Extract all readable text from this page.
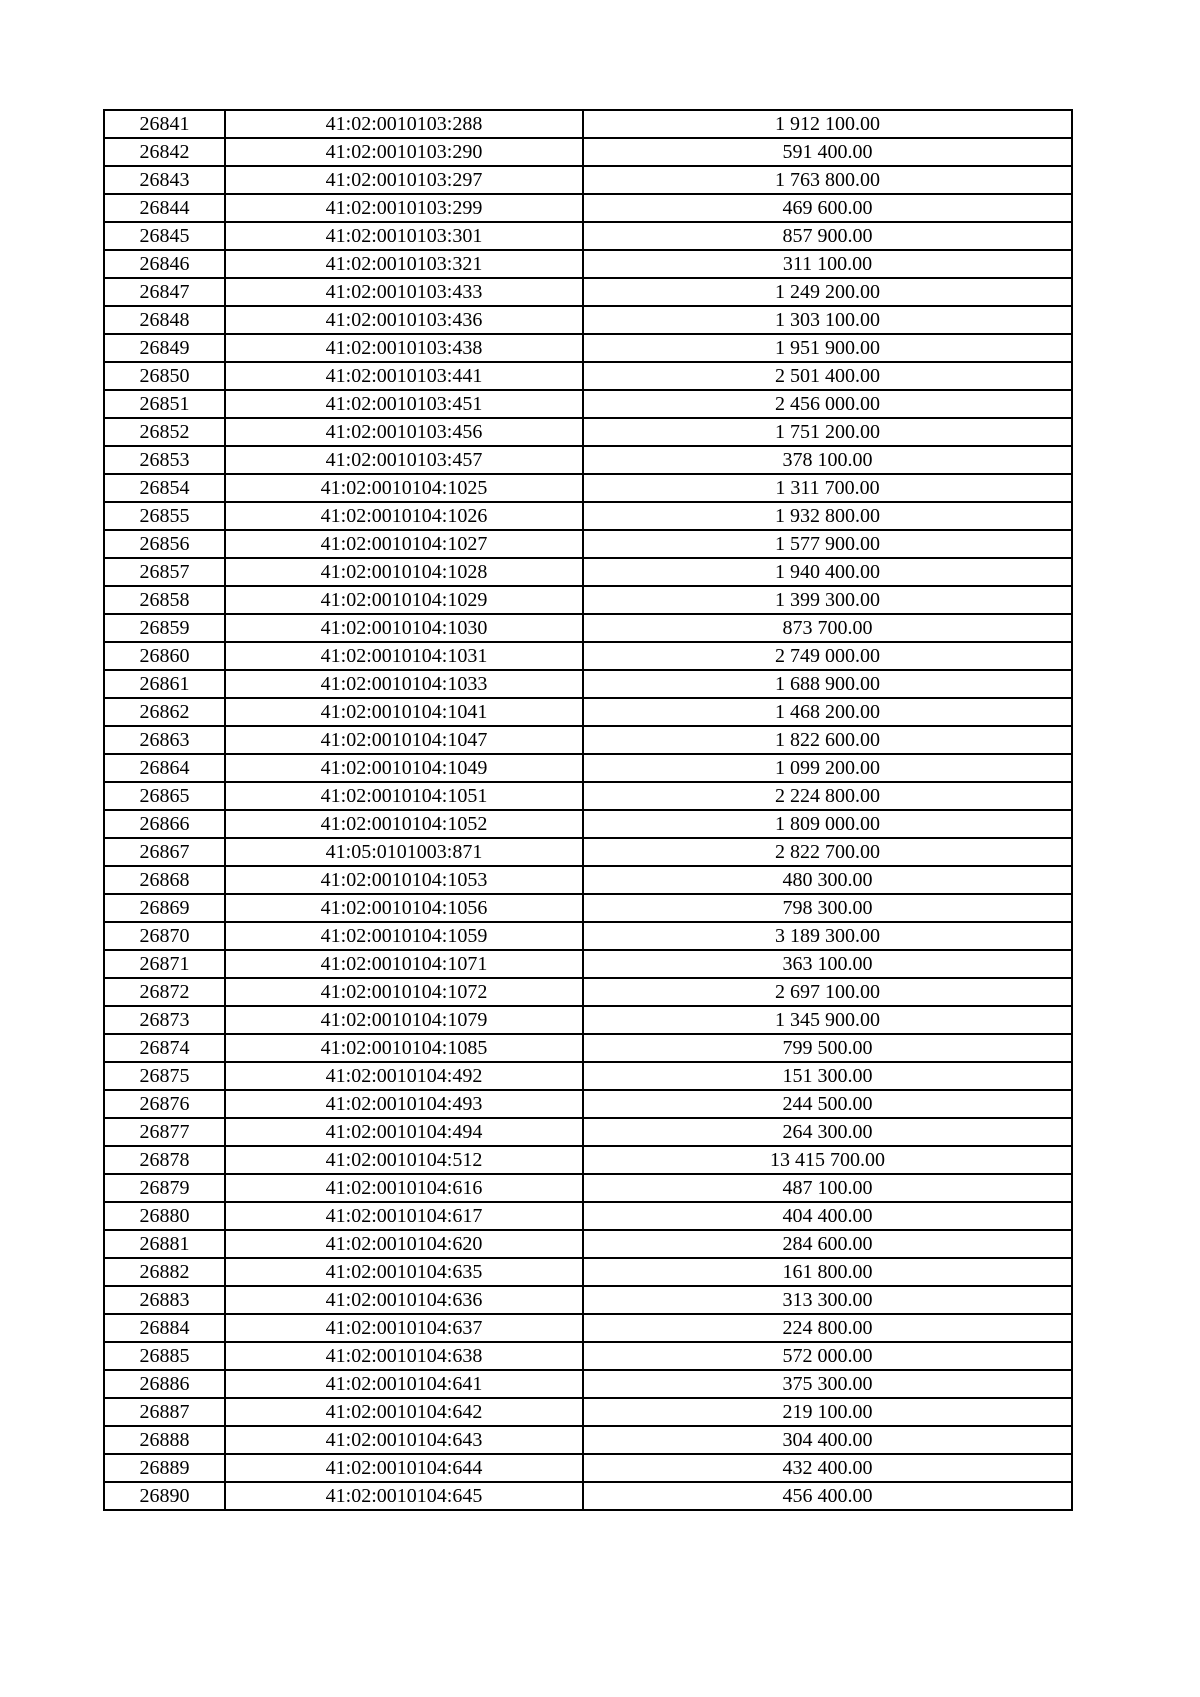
26841	41:02:0010103:288	1 912 100.00
26842	41:02:0010103:290	591 400.00
26843	41:02:0010103:297	1 763 800.00
26844	41:02:0010103:299	469 600.00
26845	41:02:0010103:301	857 900.00
26846	41:02:0010103:321	311 100.00
26847	41:02:0010103:433	1 249 200.00
26848	41:02:0010103:436	1 303 100.00
26849	41:02:0010103:438	1 951 900.00
26850	41:02:0010103:441	2 501 400.00
26851	41:02:0010103:451	2 456 000.00
26852	41:02:0010103:456	1 751 200.00
26853	41:02:0010103:457	378 100.00
26854	41:02:0010104:1025	1 311 700.00
26855	41:02:0010104:1026	1 932 800.00
26856	41:02:0010104:1027	1 577 900.00
26857	41:02:0010104:1028	1 940 400.00
26858	41:02:0010104:1029	1 399 300.00
26859	41:02:0010104:1030	873 700.00
26860	41:02:0010104:1031	2 749 000.00
26861	41:02:0010104:1033	1 688 900.00
26862	41:02:0010104:1041	1 468 200.00
26863	41:02:0010104:1047	1 822 600.00
26864	41:02:0010104:1049	1 099 200.00
26865	41:02:0010104:1051	2 224 800.00
26866	41:02:0010104:1052	1 809 000.00
26867	41:05:0101003:871	2 822 700.00
26868	41:02:0010104:1053	480 300.00
26869	41:02:0010104:1056	798 300.00
26870	41:02:0010104:1059	3 189 300.00
26871	41:02:0010104:1071	363 100.00
26872	41:02:0010104:1072	2 697 100.00
26873	41:02:0010104:1079	1 345 900.00
26874	41:02:0010104:1085	799 500.00
26875	41:02:0010104:492	151 300.00
26876	41:02:0010104:493	244 500.00
26877	41:02:0010104:494	264 300.00
26878	41:02:0010104:512	13 415 700.00
26879	41:02:0010104:616	487 100.00
26880	41:02:0010104:617	404 400.00
26881	41:02:0010104:620	284 600.00
26882	41:02:0010104:635	161 800.00
26883	41:02:0010104:636	313 300.00
26884	41:02:0010104:637	224 800.00
26885	41:02:0010104:638	572 000.00
26886	41:02:0010104:641	375 300.00
26887	41:02:0010104:642	219 100.00
26888	41:02:0010104:643	304 400.00
26889	41:02:0010104:644	432 400.00
26890	41:02:0010104:645	456 400.00
